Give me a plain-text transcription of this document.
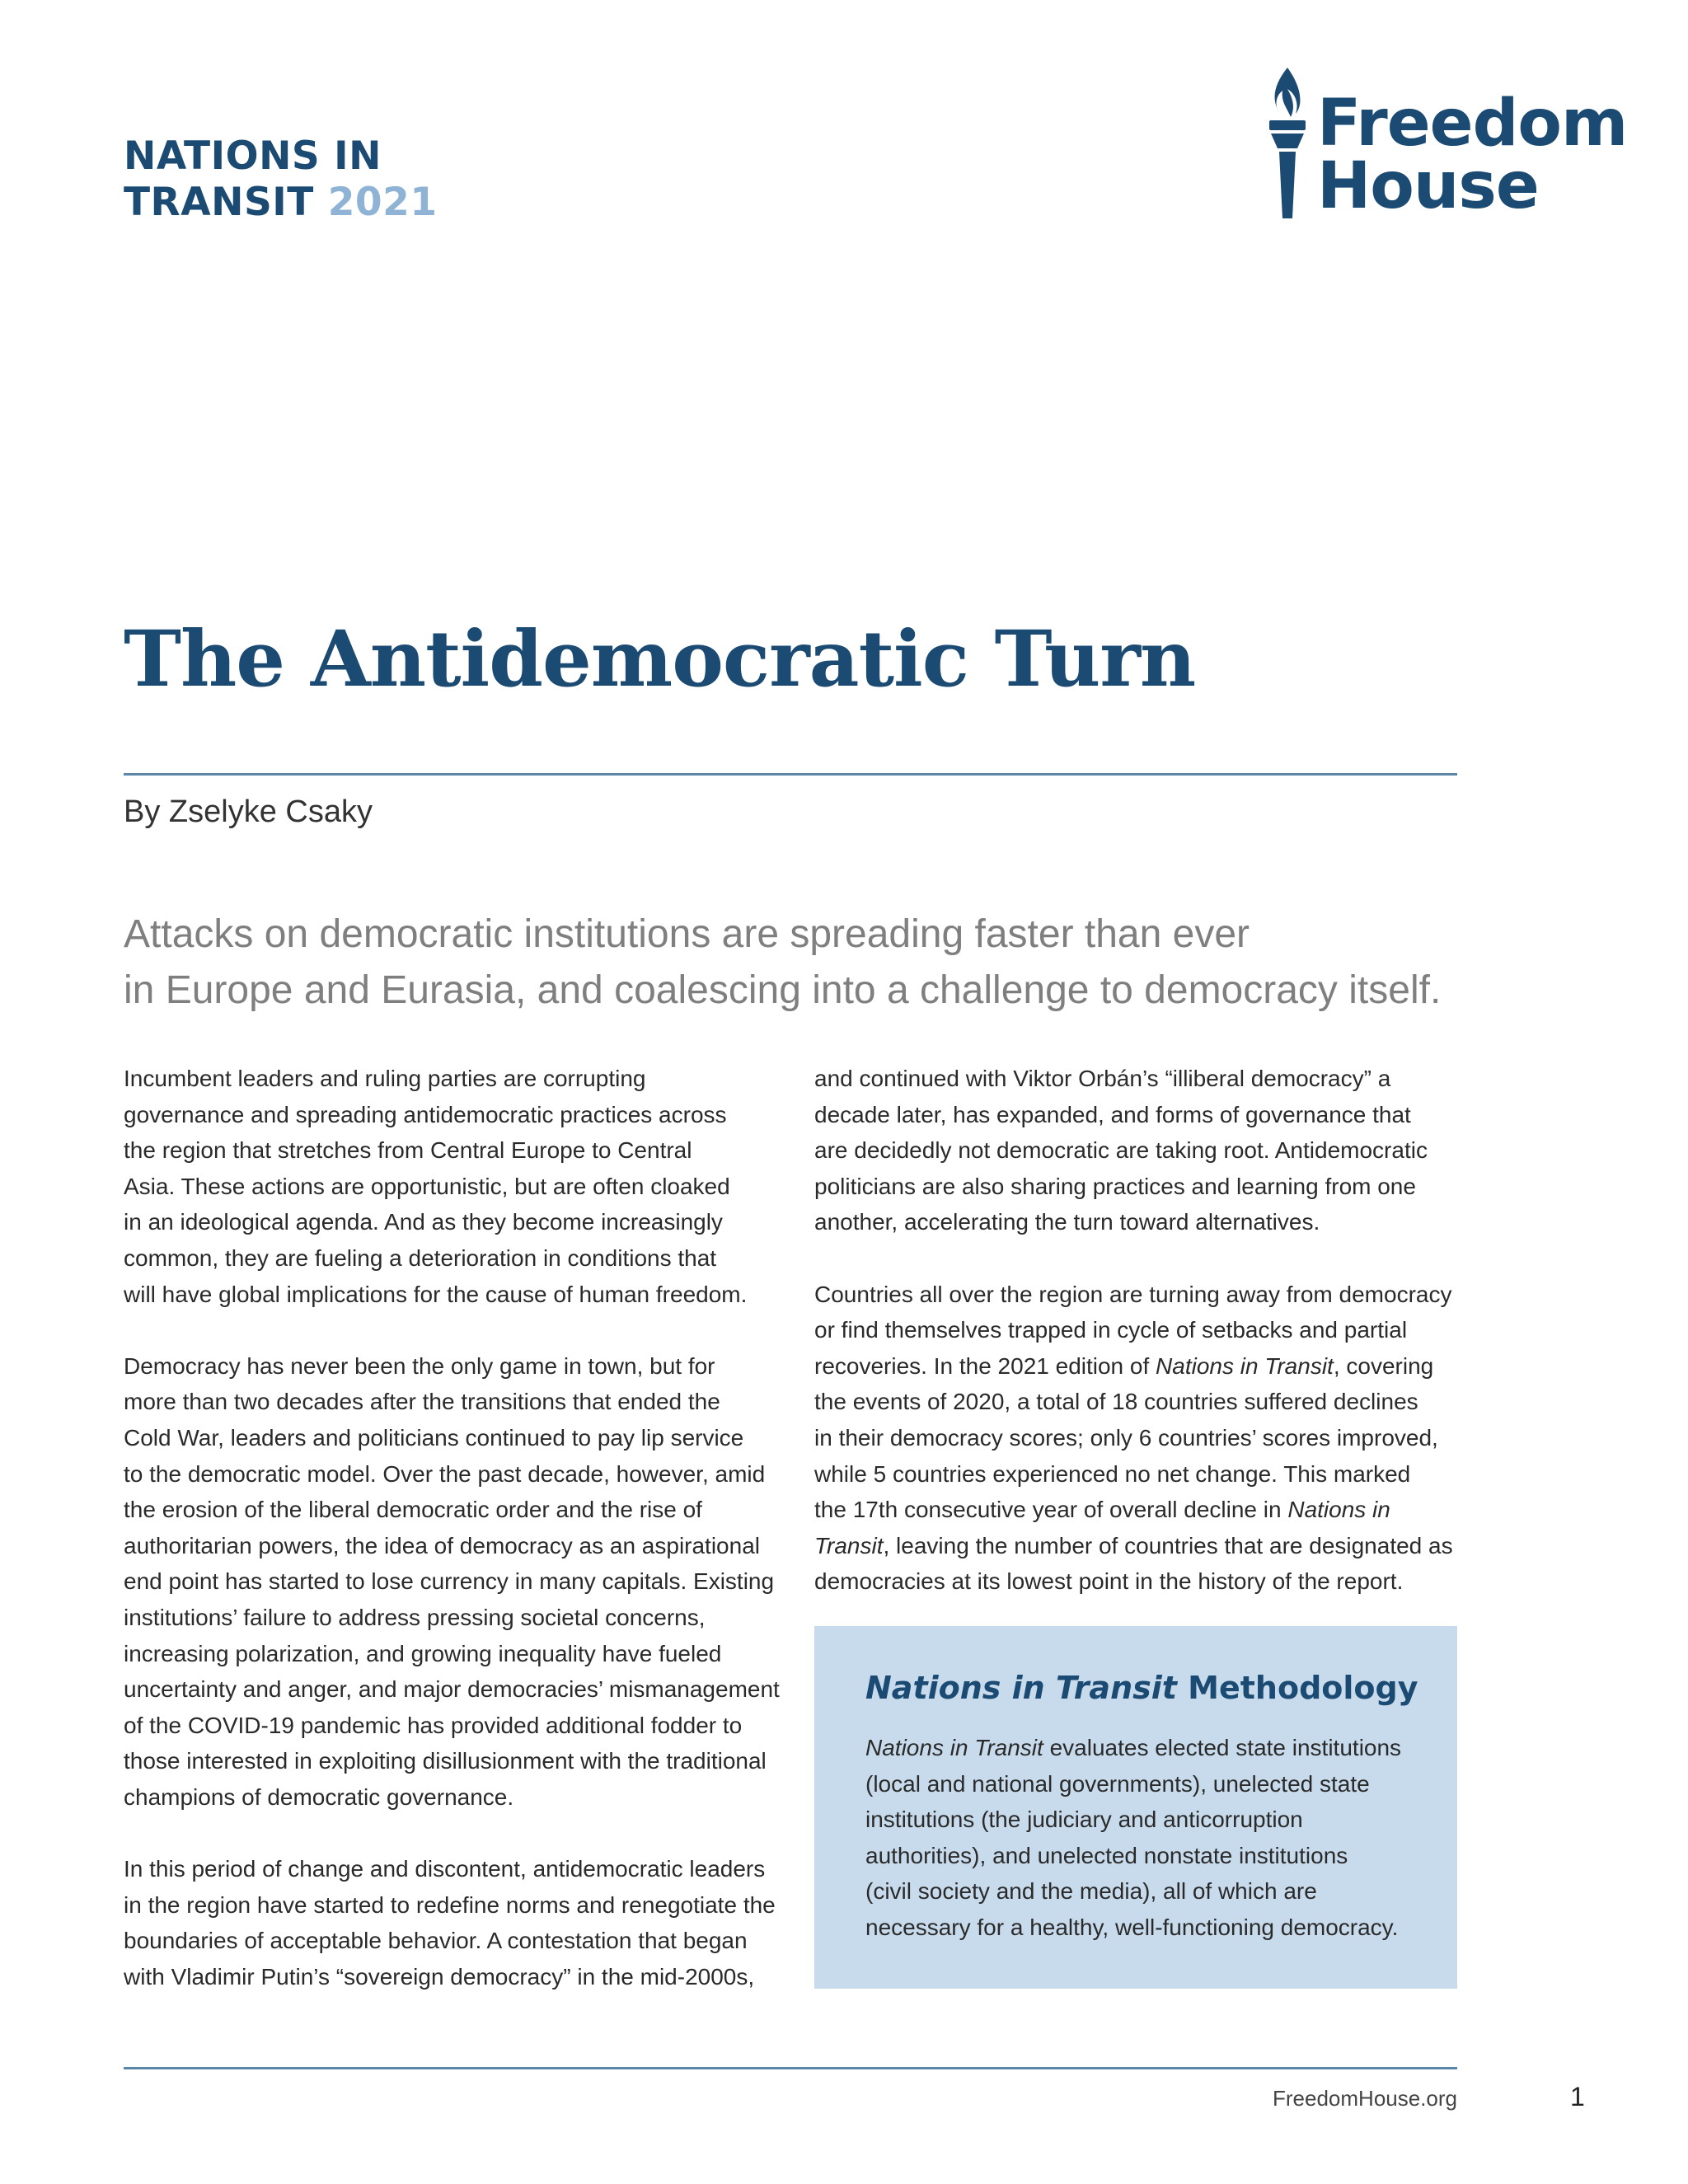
NATIONS IN
TRANSIT 2021
Freedom
House
The Antidemocratic Turn
By Zselyke Csaky
Attacks on democratic institutions are spreading faster than ever
in Europe and Eurasia, and coalescing into a challenge to democracy itself.

Incumbent leaders and ruling parties are corrupting
governance and spreading antidemocratic practices across
the region that stretches from Central Europe to Central
Asia. These actions are opportunistic, but are often cloaked
in an ideological agenda. And as they become increasingly
common, they are fueling a deterioration in conditions that
will have global implications for the cause of human freedom.

Democracy has never been the only game in town, but for
more than two decades after the transitions that ended the
Cold War, leaders and politicians continued to pay lip service
to the democratic model. Over the past decade, however, amid
the erosion of the liberal democratic order and the rise of
authoritarian powers, the idea of democracy as an aspirational
end point has started to lose currency in many capitals. Existing
institutions’ failure to address pressing societal concerns,
increasing polarization, and growing inequality have fueled
uncertainty and anger, and major democracies’ mismanagement
of the COVID-19 pandemic has provided additional fodder to
those interested in exploiting disillusionment with the traditional
champions of democratic governance.

In this period of change and discontent, antidemocratic leaders
in the region have started to redefine norms and renegotiate the
boundaries of acceptable behavior. A contestation that began
with Vladimir Putin’s “sovereign democracy” in the mid-2000s,

and continued with Viktor Orbán’s “illiberal democracy” a
decade later, has expanded, and forms of governance that
are decidedly not democratic are taking root. Antidemocratic
politicians are also sharing practices and learning from one
another, accelerating the turn toward alternatives.

Countries all over the region are turning away from democracy
or find themselves trapped in cycle of setbacks and partial
recoveries. In the 2021 edition of Nations in Transit, covering
the events of 2020, a total of 18 countries suffered declines
in their democracy scores; only 6 countries’ scores improved,
while 5 countries experienced no net change. This marked
the 17th consecutive year of overall decline in Nations in
Transit, leaving the number of countries that are designated as
democracies at its lowest point in the history of the report.

Nations in Transit Methodology
Nations in Transit evaluates elected state institutions
(local and national governments), unelected state
institutions (the judiciary and anticorruption
authorities), and unelected nonstate institutions
(civil society and the media), all of which are
necessary for a healthy, well-functioning democracy.
FreedomHouse.org	1
